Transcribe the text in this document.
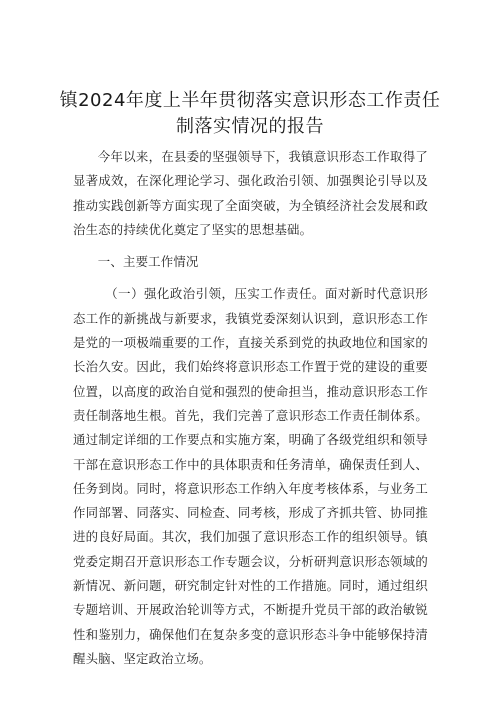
镇2024年度上半年贯彻落实意识形态工作责任
制落实情况的报告

今年以来，在县委的坚强领导下，我镇意识形态工作取得了显著成效，在深化理论学习、强化政治引领、加强舆论引导以及推动实践创新等方面实现了全面突破，为全镇经济社会发展和政治生态的持续优化奠定了坚实的思想基础。

一、主要工作情况

（一）强化政治引领，压实工作责任。面对新时代意识形态工作的新挑战与新要求，我镇党委深刻认识到，意识形态工作是党的一项极端重要的工作，直接关系到党的执政地位和国家的长治久安。因此，我们始终将意识形态工作置于党的建设的重要位置，以高度的政治自觉和强烈的使命担当，推动意识形态工作责任制落地生根。首先，我们完善了意识形态工作责任制体系。通过制定详细的工作要点和实施方案，明确了各级党组织和领导干部在意识形态工作中的具体职责和任务清单，确保责任到人、任务到岗。同时，将意识形态工作纳入年度考核体系，与业务工作同部署、同落实、同检查、同考核，形成了齐抓共管、协同推进的良好局面。其次，我们加强了意识形态工作的组织领导。镇党委定期召开意识形态工作专题会议，分析研判意识形态领域的新情况、新问题，研究制定针对性的工作措施。同时，通过组织专题培训、开展政治轮训等方式，不断提升党员干部的政治敏锐性和鉴别力，确保他们在复杂多变的意识形态斗争中能够保持清醒头脑、坚定政治立场。
